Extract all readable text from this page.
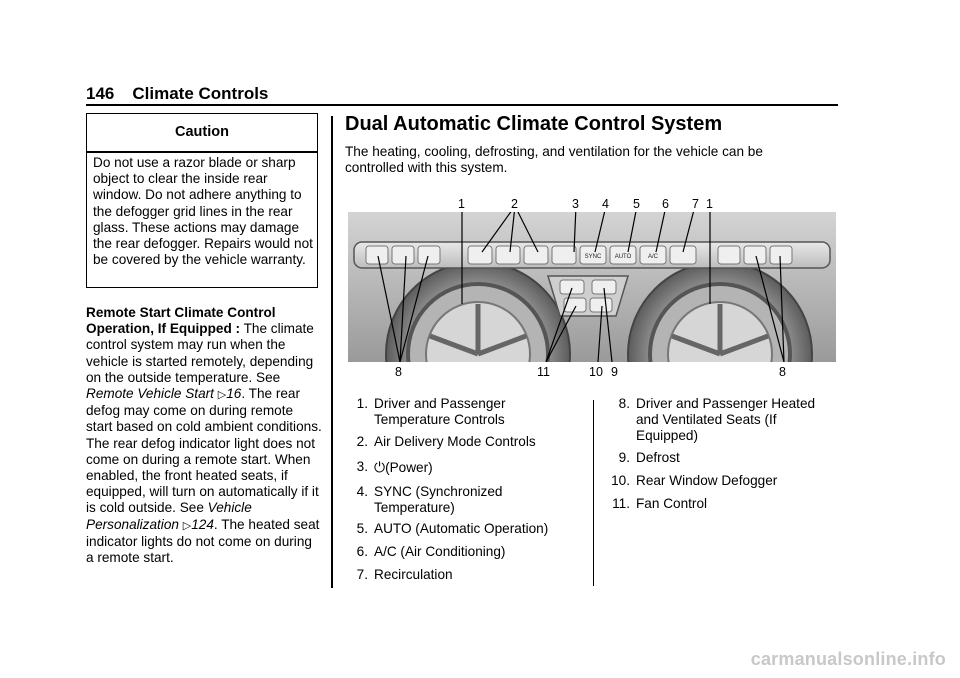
146 Climate Controls
Caution
Do not use a razor blade or sharp object to clear the inside rear window. Do not adhere anything to the defogger grid lines in the rear glass. These actions may damage the rear defogger. Repairs would not be covered by the vehicle warranty.
Remote Start Climate Control Operation, If Equipped : The climate control system may run when the vehicle is started remotely, depending on the outside temperature. See Remote Vehicle Start ▷16. The rear defog may come on during remote start based on cold ambient conditions. The rear defog indicator light does not come on during a remote start. When enabled, the front heated seats, if equipped, will turn on automatically if it is cold outside. See Vehicle Personalization ▷124. The heated seat indicator lights do not come on during a remote start.
Dual Automatic Climate Control System
The heating, cooling, defrosting, and ventilation for the vehicle can be controlled with this system.
1	2	3 4 5 6 7 1
SYNC AUTO	A/C
8	11	10 9	8
1. Driver and Passenger Temperature Controls
2. Air Delivery Mode Controls
3. ⏻(Power)
4. SYNC (Synchronized Temperature)
5. AUTO (Automatic Operation)
6. A/C (Air Conditioning)
7. Recirculation
8. Driver and Passenger Heated and Ventilated Seats (If Equipped)
9. Defrost
10. Rear Window Defogger
11. Fan Control
carmanualsonline.info
